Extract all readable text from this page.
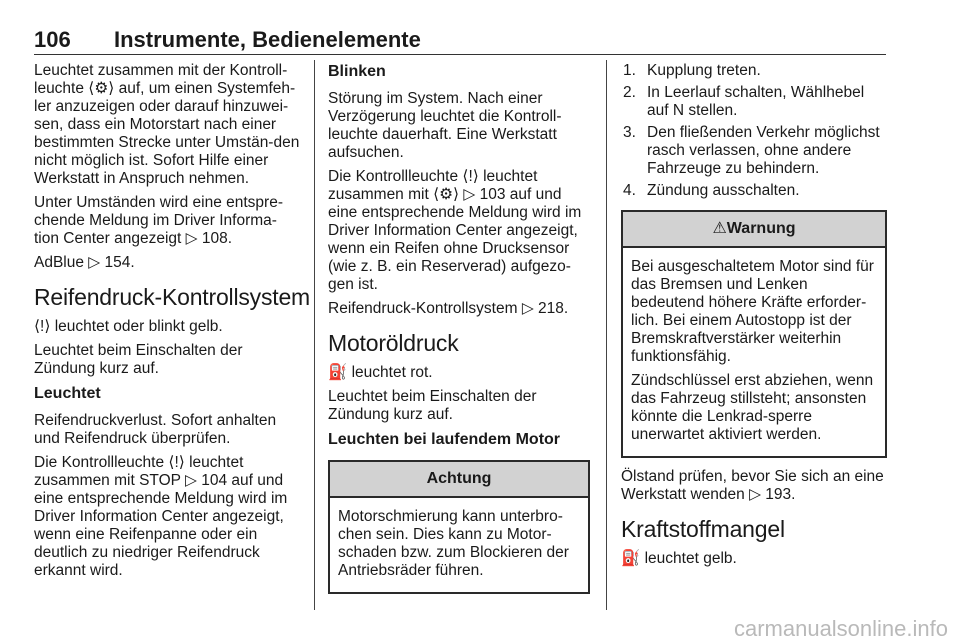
106 Instrumente, Bedienelemente

Leuchtet zusammen mit der Kontroll-leuchte ⟨⚙⟩ auf, um einen Systemfeh-ler anzuzeigen oder darauf hinzuwei-sen, dass ein Motorstart nach einer bestimmten Strecke unter Umstän-den nicht möglich ist. Sofort Hilfe einer Werkstatt in Anspruch nehmen.

Unter Umständen wird eine entspre-chende Meldung im Driver Informa-tion Center angezeigt ▷ 108.

AdBlue ▷ 154.

Reifendruck-Kontrollsystem

⟨!⟩ leuchtet oder blinkt gelb.

Leuchtet beim Einschalten der Zündung kurz auf.

Leuchtet

Reifendruckverlust. Sofort anhalten und Reifendruck überprüfen.

Die Kontrollleuchte ⟨!⟩ leuchtet zusammen mit STOP ▷ 104 auf und eine entsprechende Meldung wird im Driver Information Center angezeigt, wenn eine Reifenpanne oder ein deutlich zu niedriger Reifendruck erkannt wird.

Blinken

Störung im System. Nach einer Verzögerung leuchtet die Kontroll-leuchte dauerhaft. Eine Werkstatt aufsuchen.

Die Kontrollleuchte ⟨!⟩ leuchtet zusammen mit ⟨⚙⟩ ▷ 103 auf und eine entsprechende Meldung wird im Driver Information Center angezeigt, wenn ein Reifen ohne Drucksensor (wie z. B. ein Reserverad) aufgezo-gen ist.

Reifendruck-Kontrollsystem ▷ 218.

Motoröldruck

⛽ leuchtet rot.

Leuchtet beim Einschalten der Zündung kurz auf.

Leuchten bei laufendem Motor
Achtung

Motorschmierung kann unterbro-chen sein. Dies kann zu Motor-schaden bzw. zum Blockieren der Antriebsräder führen.

1. Kupplung treten.
2. In Leerlauf schalten, Wählhebel auf N stellen.
3. Den fließenden Verkehr möglichst rasch verlassen, ohne andere Fahrzeuge zu behindern.
4. Zündung ausschalten.
⚠Warnung

Bei ausgeschaltetem Motor sind für das Bremsen und Lenken bedeutend höhere Kräfte erforder-lich. Bei einem Autostopp ist der Bremskraftverstärker weiterhin funktionsfähig.

Zündschlüssel erst abziehen, wenn das Fahrzeug stillsteht; ansonsten könnte die Lenkrad-sperre unerwartet aktiviert werden.

Ölstand prüfen, bevor Sie sich an eine Werkstatt wenden ▷ 193.

Kraftstoffmangel

⛽ leuchtet gelb.

carmanualsonline.info
